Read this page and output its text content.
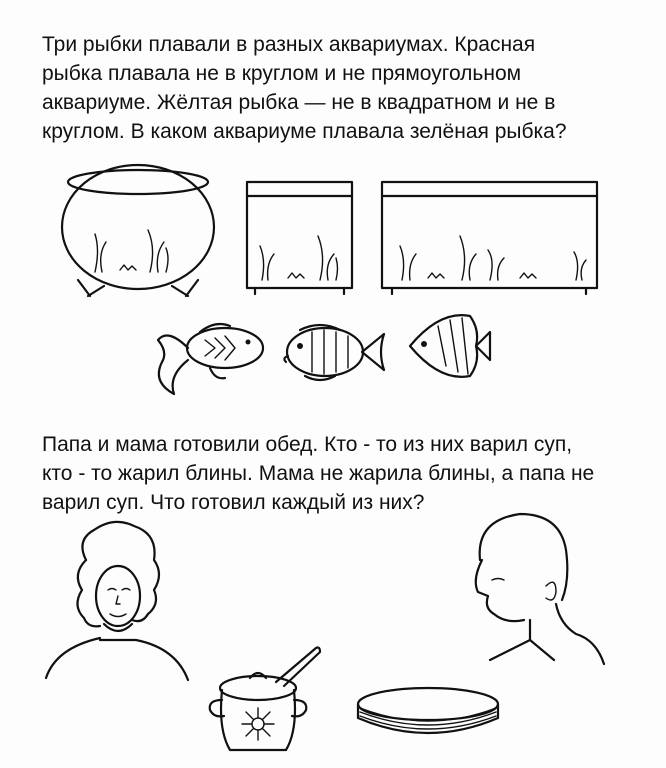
Три рыбки плавали в разных аквариумах. Красная
рыбка плавала не в круглом и не прямоугольном
аквариуме. Жёлтая рыбка — не в квадратном и не в
круглом. В каком аквариуме плавала зелёная рыбка?

Папа и мама готовили обед. Кто - то из них варил суп,
кто - то жарил блины. Мама не жарила блины, а папа не
варил суп. Что готовил каждый из них?
